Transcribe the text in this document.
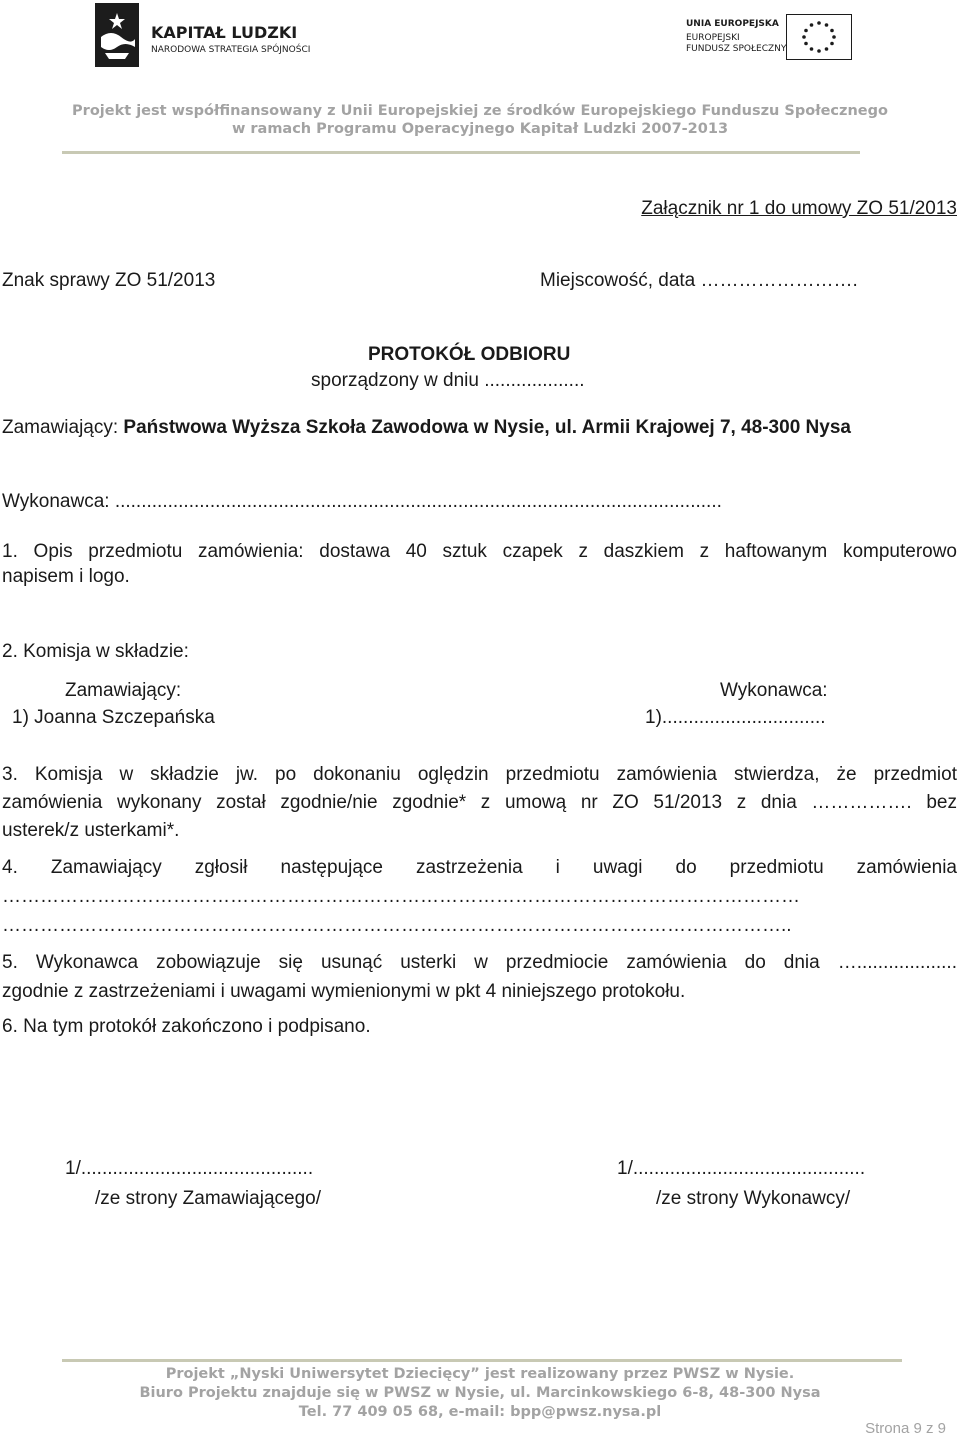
KAPITAŁ LUDZKI
NARODOWA STRATEGIA SPÓJNOŚCI
UNIA EUROPEJSKA
EUROPEJSKI
FUNDUSZ SPOŁECZNY
Projekt jest współfinansowany z Unii Europejskiej ze środków Europejskiego Funduszu Społecznego
w ramach Programu Operacyjnego Kapitał Ludzki 2007-2013
Załącznik nr 1 do umowy ZO 51/2013
Znak sprawy ZO 51/2013	Miejscowość, data …………………….
PROTOKÓŁ ODBIORU
sporządzony w dniu ...................
Zamawiający: Państwowa Wyższa Szkoła Zawodowa w Nysie, ul. Armii Krajowej 7, 48-300 Nysa
Wykonawca: ...................................................................................................................
1. Opis przedmiotu zamówienia: dostawa 40 sztuk czapek z daszkiem z haftowanym komputerowo
napisem i logo.
2. Komisja w składzie:
Zamawiający:
1) Joanna Szczepańska
Wykonawca:
1)...............................
3. Komisja w składzie jw. po dokonaniu oględzin przedmiotu zamówienia stwierdza, że przedmiot
zamówienia wykonany został zgodnie/nie zgodnie* z umową nr ZO 51/2013 z dnia ……………. bez
usterek/z usterkami*.
4. Zamawiający zgłosił następujące zastrzeżenia i uwagi do przedmiotu zamówienia
………………………………………………………………………………………………………………
……………………………………………………………………………………………………………..
5. Wykonawca zobowiązuje się usunąć usterki w przedmiocie zamówienia do dnia …...................
zgodnie z zastrzeżeniami i uwagami wymienionymi w pkt 4 niniejszego protokołu.
6. Na tym protokół zakończono i podpisano.
1/............................................
/ze strony Zamawiającego/
1/............................................
/ze strony Wykonawcy/
Projekt „Nyski Uniwersytet Dziecięcy” jest realizowany przez PWSZ w Nysie.
Biuro Projektu znajduje się w PWSZ w Nysie, ul. Marcinkowskiego 6-8, 48-300 Nysa
Tel. 77 409 05 68, e-mail: bpp@pwsz.nysa.pl
Strona 9 z 9
